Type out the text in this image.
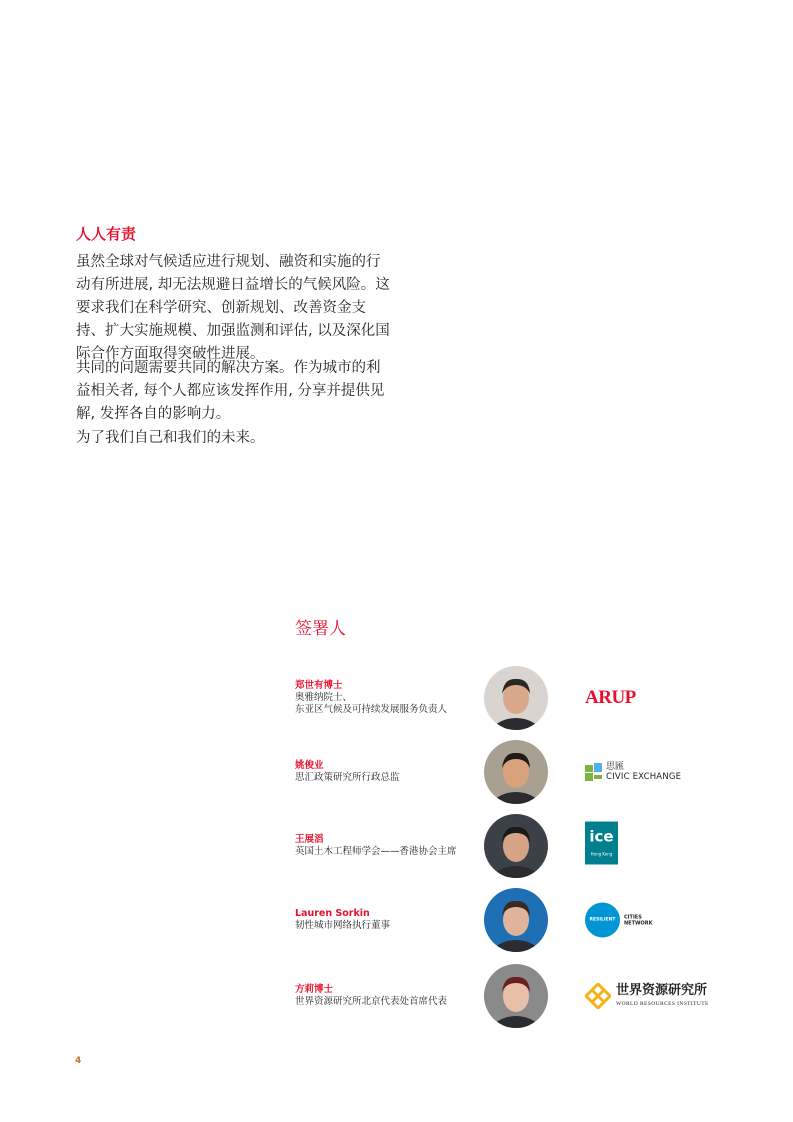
人人有责
虽然全球对气候适应进行规划、融资和实施的行
动有所进展, 却无法规避日益增长的气候风险。这
要求我们在科学研究、创新规划、改善资金支
持、扩大实施规模、加强监测和评估, 以及深化国
际合作方面取得突破性进展。
共同的问题需要共同的解决方案。作为城市的利
益相关者, 每个人都应该发挥作用, 分享并提供见
解, 发挥各自的影响力。
为了我们自己和我们的未来。
签署人
郑世有博士
奥雅纳院士、
东亚区气候及可持续发展服务负责人
ARUP
姚俊业
思汇政策研究所行政总监
思匯
CIVIC EXCHANGE
王展滔
英国土木工程师学会——香港协会主席
ice
Hong Kong
Lauren Sorkin
韧性城市网络执行董事	RESILIENT	CITIES
NETWORK
方莉博士
世界资源研究所北京代表处首席代表
世界资源研究所
WORLD RESOURCES INSTITUTE
4
